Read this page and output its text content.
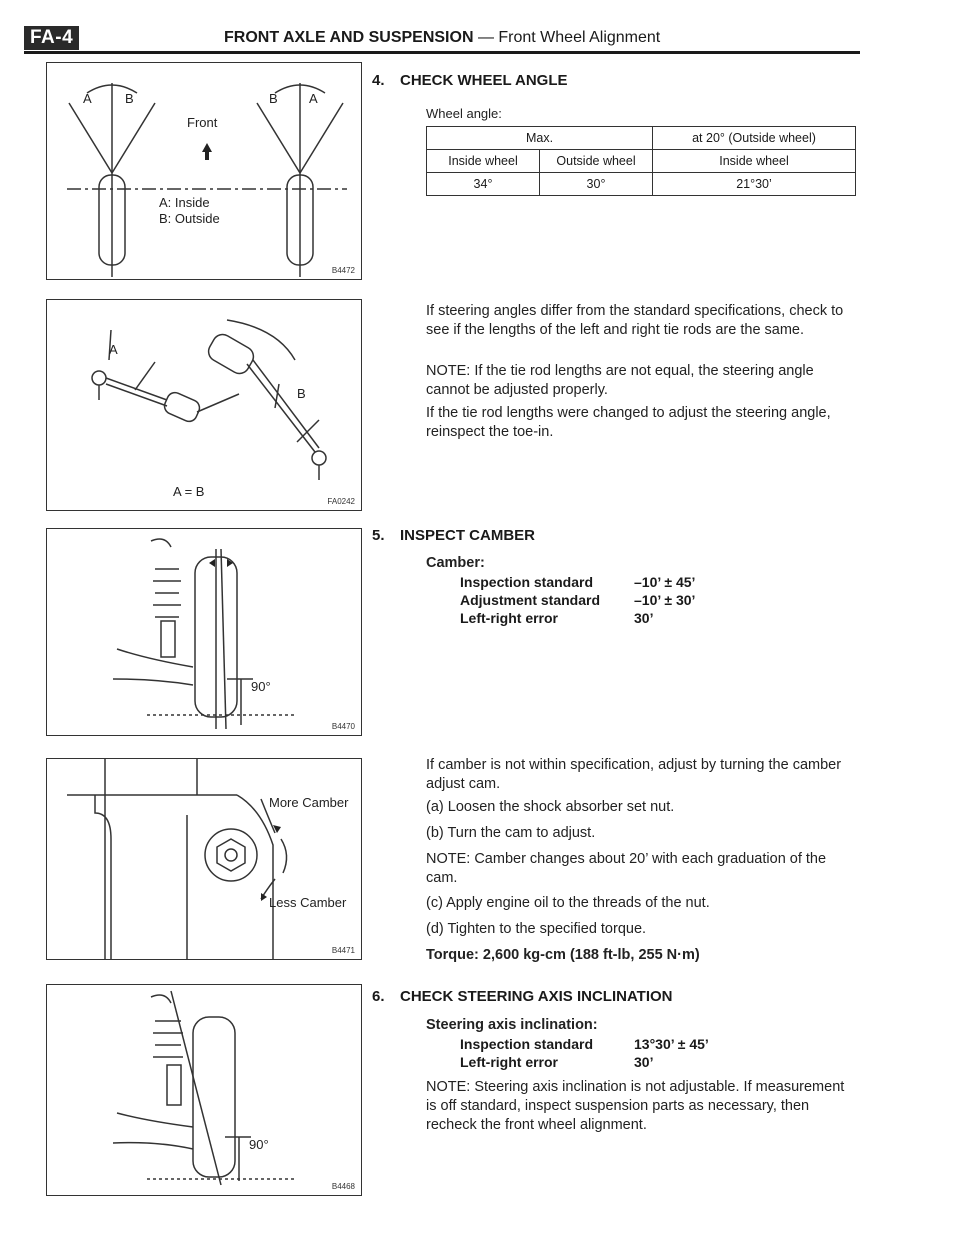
FA-4	FRONT AXLE AND SUSPENSION — Front Wheel Alignment
A	B	B A
Front
A: Inside
B: Outside
B4472
A
B
A = B
FA0242
90°
B4470
More Camber
Less Camber
B4471
90°
B4468
4. CHECK WHEEL ANGLE
Wheel angle:
Max.		at 20° (Outside wheel)
Inside wheel	Outside wheel	Inside wheel
34°	30°	21°30’
If steering angles differ from the standard specifications, check to see if the lengths of the left and right tie rods are the same.
NOTE: If the tie rod lengths are not equal, the steering angle cannot be adjusted properly.
If the tie rod lengths were changed to adjust the steering angle, reinspect the toe-in.
5. INSPECT CAMBER
Camber:
Inspection standard	–10’ ± 45’
Adjustment standard –10’ ± 30’
Left-right error	30’
If camber is not within specification, adjust by turning the camber adjust cam.
(a) Loosen the shock absorber set nut.
(b) Turn the cam to adjust.
NOTE: Camber changes about 20’ with each graduation of the cam.
(c) Apply engine oil to the threads of the nut.
(d) Tighten to the specified torque.
Torque: 2,600 kg-cm (188 ft-lb, 255 N·m)
6. CHECK STEERING AXIS INCLINATION
Steering axis inclination:
Inspection standard	13°30’ ± 45’
Left-right error	30’
NOTE: Steering axis inclination is not adjustable. If measurement is off standard, inspect suspension parts as necessary, then recheck the front wheel alignment.
